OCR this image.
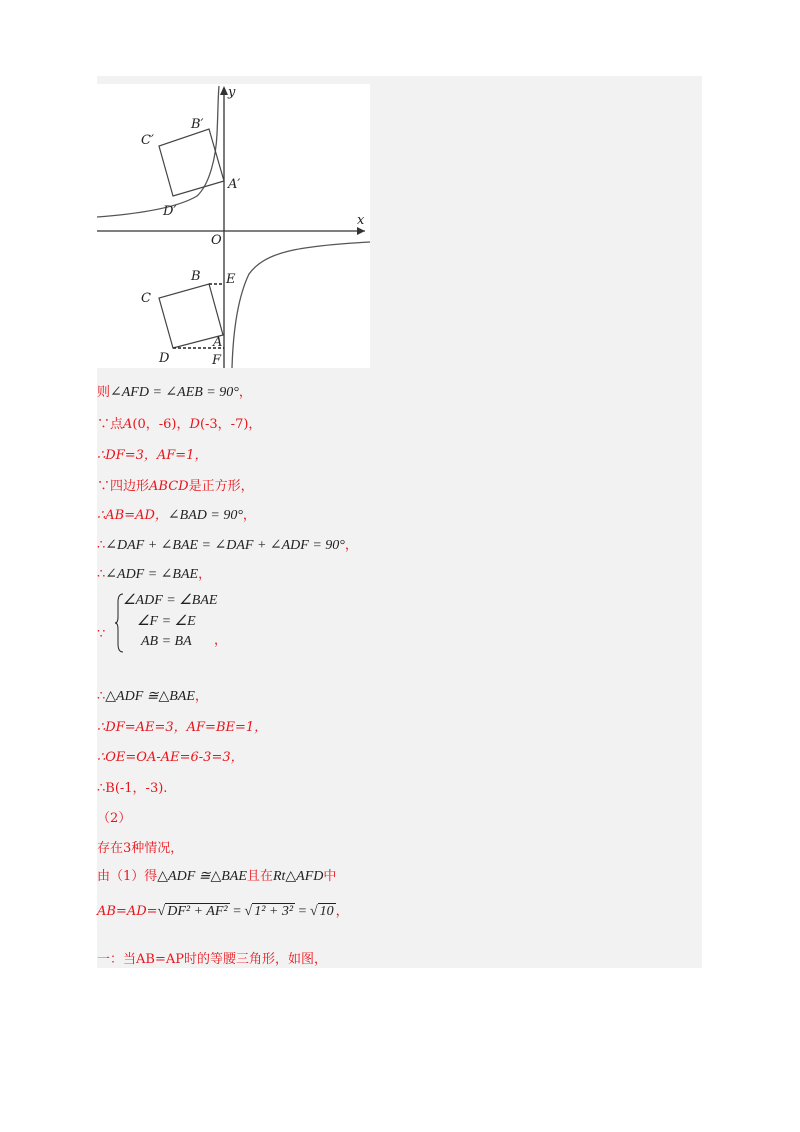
y
x
O
B′
C′
A′
D′
B
C
E
A
D	F
则∠AFD = ∠AEB = 90°，
∵点A(0，-6)，D(-3，-7)，
∴DF=3，AF=1，
∵四边形ABCD是正方形，
∴AB=AD，∠BAD = 90°，
∴∠DAF + ∠BAE = ∠DAF + ∠ADF = 90°，
∴∠ADF = ∠BAE，
∵	，
∠ADF = ∠BAE
∠F = ∠E
AB = BA
∴△ADF ≅△BAE，
∴DF=AE=3，AF=BE=1，
∴OE=OA-AE=6-3=3，
∴B(-1，-3).
（2）
存在3种情况，
由（1）得△ADF ≅△BAE且在Rt△AFD中
AB=AD=√ DF² + AF² = √ 1² + 3² = √ 10 ，
一：当AB=AP时的等腰三角形，如图，
